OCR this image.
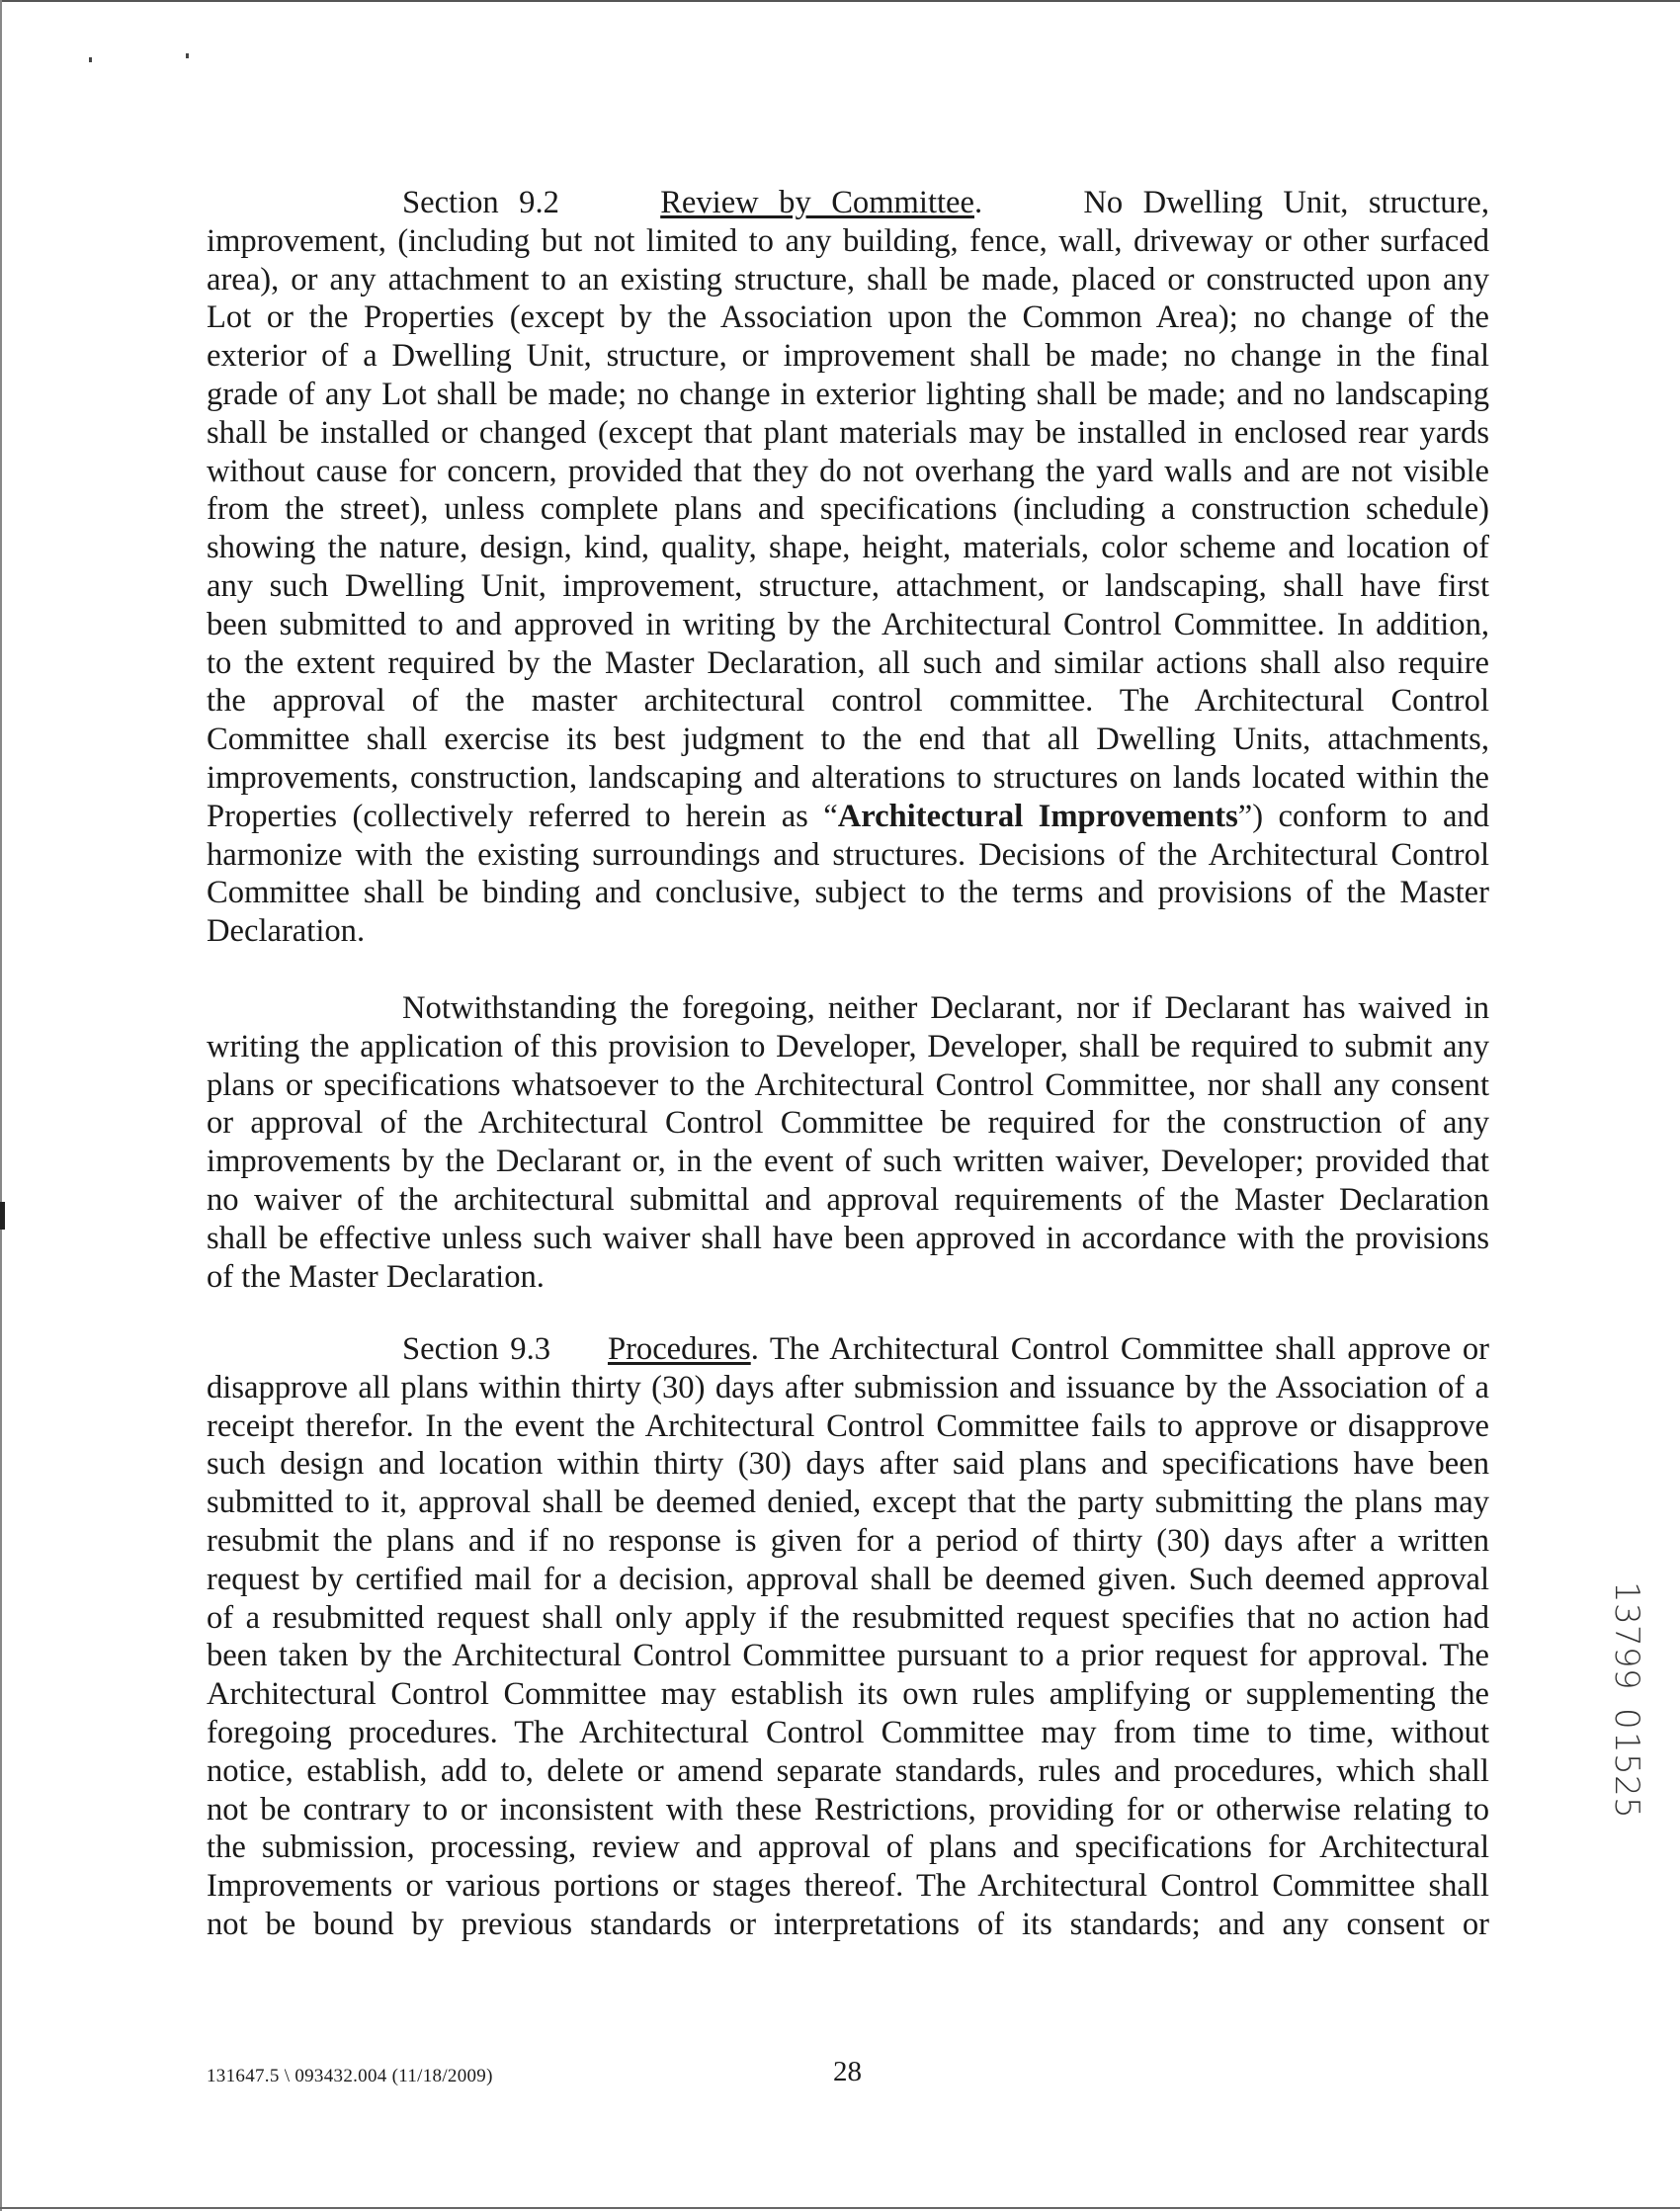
Section 9.2	Review by Committee.     No Dwelling Unit, structure,
improvement, (including but not limited to any building, fence, wall, driveway or other surfaced
area), or any attachment to an existing structure, shall be made, placed or constructed upon any
Lot or the Properties (except by the Association upon the Common Area); no change of the
exterior of a Dwelling Unit, structure, or improvement shall be made; no change in the final
grade of any Lot shall be made; no change in exterior lighting shall be made; and no landscaping
shall be installed or changed (except that plant materials may be installed in enclosed rear yards
without cause for concern, provided that they do not overhang the yard walls and are not visible
from the street), unless complete plans and specifications (including a construction schedule)
showing the nature, design, kind, quality, shape, height, materials, color scheme and location of
any such Dwelling Unit, improvement, structure, attachment, or landscaping, shall have first
been submitted to and approved in writing by the Architectural Control Committee. In addition,
to the extent required by the Master Declaration, all such and similar actions shall also require
the approval of the master architectural control committee. The Architectural Control
Committee shall exercise its best judgment to the end that all Dwelling Units, attachments,
improvements, construction, landscaping and alterations to structures on lands located within the
Properties (collectively referred to herein as “Architectural Improvements”) conform to and
harmonize with the existing surroundings and structures. Decisions of the Architectural Control
Committee shall be binding and conclusive, subject to the terms and provisions of the Master
Declaration.
Notwithstanding the foregoing, neither Declarant, nor if Declarant has waived in
writing the application of this provision to Developer, Developer, shall be required to submit any
plans or specifications whatsoever to the Architectural Control Committee, nor shall any consent
or approval of the Architectural Control Committee be required for the construction of any
improvements by the Declarant or, in the event of such written waiver, Developer; provided that
no waiver of the architectural submittal and approval requirements of the Master Declaration
shall be effective unless such waiver shall have been approved in accordance with the provisions
of the Master Declaration.
Section 9.3 Procedures. The Architectural Control Committee shall approve or
disapprove all plans within thirty (30) days after submission and issuance by the Association of a
receipt therefor. In the event the Architectural Control Committee fails to approve or disapprove
such design and location within thirty (30) days after said plans and specifications have been
submitted to it, approval shall be deemed denied, except that the party submitting the plans may
resubmit the plans and if no response is given for a period of thirty (30) days after a written
request by certified mail for a decision, approval shall be deemed given. Such deemed approval
of a resubmitted request shall only apply if the resubmitted request specifies that no action had
been taken by the Architectural Control Committee pursuant to a prior request for approval. The
Architectural Control Committee may establish its own rules amplifying or supplementing the
foregoing procedures. The Architectural Control Committee may from time to time, without
notice, establish, add to, delete or amend separate standards, rules and procedures, which shall
not be contrary to or inconsistent with these Restrictions, providing for or otherwise relating to
the submission, processing, review and approval of plans and specifications for Architectural
Improvements or various portions or stages thereof. The Architectural Control Committee shall
not be bound by previous standards or interpretations of its standards; and any consent or
131647.5 \ 093432.004 (11/18/2009)	28
1
3
7
9
9
0
1
5
2
5
